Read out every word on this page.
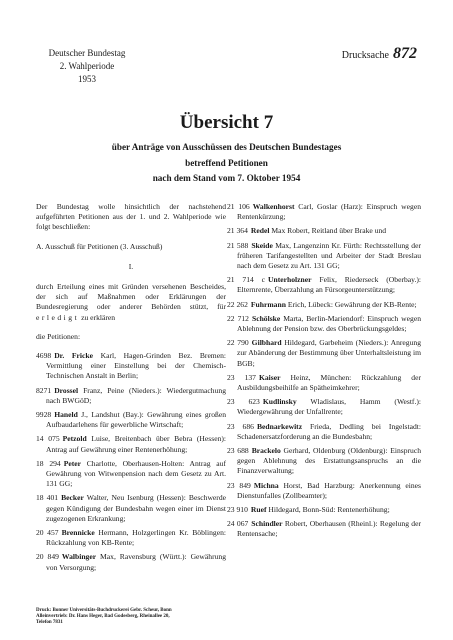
Deutscher Bundestag
2. Wahlperiode
1953
Drucksache 872
Übersicht 7
über Anträge von Ausschüssen des Deutschen Bundestages
betreffend Petitionen
nach dem Stand vom 7. Oktober 1954

Der Bundestag wolle hinsichtlich der nachstehend aufgeführten Petitionen aus der 1. und 2. Wahlperiode wie folgt beschließen:

A. Ausschuß für Petitionen (3. Ausschuß)

I.

durch Erteilung eines mit Gründen versehenen Bescheides, der sich auf Maßnahmen oder Erklärungen der Bundesregierung oder anderer Behörden stützt, für erledigt zu erklären

die Petitionen:

4698 Dr. Fricke Karl, Hagen-Grinden Bez. Bremen: Vermittlung einer Einstellung bei der Chemisch-Technischen Anstalt in Berlin;

8271 Drossel Franz, Peine (Nieders.): Wiedergutmachung nach BWGöD;

9928 Haneld J., Landshut (Bay.): Gewährung eines großen Aufbaudarlehens für gewerbliche Wirtschaft;

14 075 Petzold Luise, Breitenbach über Bebra (Hessen): Antrag auf Gewährung einer Rentenerhöhung;

18 294 Peter Charlotte, Oberhausen-Holten: Antrag auf Gewährung von Witwenpension nach dem Gesetz zu Art. 131 GG;

18 401 Becker Walter, Neu Isenburg (Hessen): Beschwerde gegen Kündigung der Bundesbahn wegen einer im Dienst zugezogenen Erkrankung;

20 457 Brennicke Hermann, Holzgerlingen Kr. Böblingen: Rückzahlung von KB-Rente;

20 849 Walbinger Max, Ravensburg (Württ.): Gewährung von Versorgung;

21 106 Walkenhorst Carl, Goslar (Harz): Einspruch wegen Rentenkürzung;

21 364 Redel Max Robert, Reitland über Brake und

21 588 Skeide Max, Langenzinn Kr. Fürth: Rechtsstellung der früheren Tarifangestellten und Arbeiter der Stadt Breslau nach dem Gesetz zu Art. 131 GG;

21 714 c Unterholzner Felix, Riederseck (Oberbay.): Elternrente, Überzahlung an Fürsorgeunterstützung;

22 262 Fuhrmann Erich, Lübeck: Gewährung der KB-Rente;

22 712 Schölske Marta, Berlin-Mariendorf: Einspruch wegen Ablehnung der Pension bzw. des Oberbrückungsgeldes;

22 790 Gilbhard Hildegard, Garbeheim (Nieders.): Anregung zur Abänderung der Bestimmung über Unterhaltsleistung im BGB;

23 137 Kaiser Heinz, München: Rückzahlung der Ausbildungsbeihilfe an Spätheimkehrer;

23 623 Kudlinsky Wladislaus, Hamm (Westf.): Wiedergewährung der Unfallrente;

23 686 Bednarkewitz Frieda, Dedling bei Ingelstadt: Schadenersatzforderung an die Bundesbahn;

23 688 Brackelo Gerhard, Oldenburg (Oldenburg): Einspruch gegen Ablehnung des Erstattungsanspruchs an die Finanzverwaltung;

23 849 Michna Horst, Bad Harzburg: Anerkennung eines Dienstunfalles (Zollbeamter);

23 910 Ruef Hildegard, Bonn-Süd: Rentenerhöhung;

24 067 Schindler Robert, Oberhausen (Rheinl.): Regelung der Rentensache;

Druck: Bonner Universitäts-Buchdruckerei Gebr. Scheur, Bonn
Alleinvertrieb: Dr. Hans Heger, Bad Godesberg, Rheinallee 20,
Telefon 7831
